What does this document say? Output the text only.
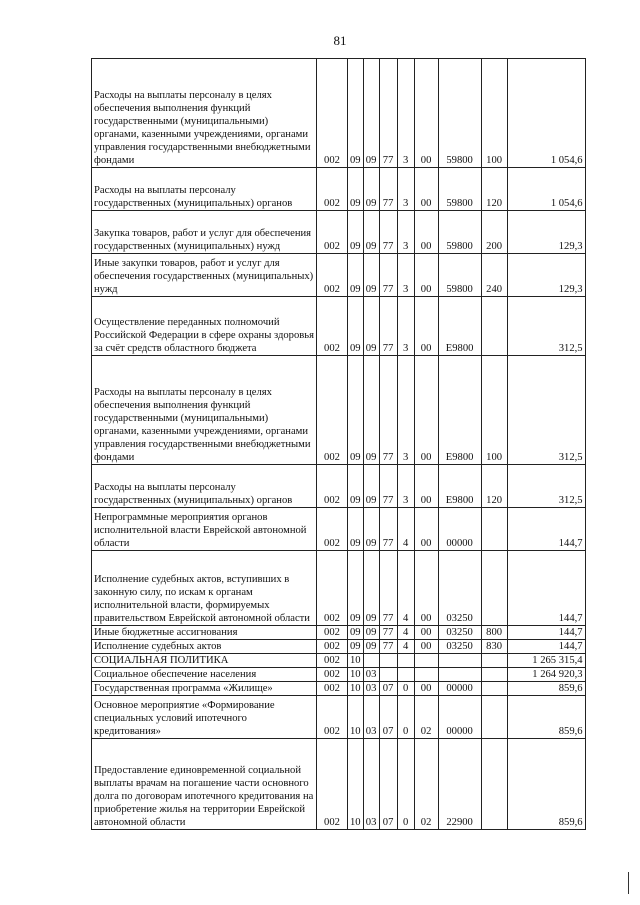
81
Расходы на выплаты персоналу в целях обеспечения выполнения функций государственными (муниципальными) органами, казенными учреждениями, органами управления государственными внебюджетными фондами	002	09	09	77	3	00	59800	100	1 054,6
Расходы на выплаты персоналу государственных (муниципальных) органов	002	09	09	77	3	00	59800	120	1 054,6
Закупка товаров, работ и услуг для обеспечения государственных (муниципальных) нужд	002	09	09	77	3	00	59800	200	129,3
Иные закупки товаров, работ и услуг для обеспечения государственных (муниципальных) нужд	002	09	09	77	3	00	59800	240	129,3
Осуществление переданных полномочий Российской Федерации в сфере охраны здоровья за счёт средств областного бюджета	002	09	09	77	3	00	Е9800		312,5
Расходы на выплаты персоналу в целях обеспечения выполнения функций государственными (муниципальными) органами, казенными учреждениями, органами управления государственными внебюджетными фондами	002	09	09	77	3	00	Е9800	100	312,5
Расходы на выплаты персоналу государственных (муниципальных) органов	002	09	09	77	3	00	Е9800	120	312,5
Непрограммные мероприятия органов исполнительной власти Еврейской автономной области	002	09	09	77	4	00	00000		144,7
Исполнение судебных актов, вступивших в законную силу, по искам к органам исполнительной власти, формируемых правительством Еврейской автономной области	002	09	09	77	4	00	03250		144,7
Иные бюджетные ассигнования	002	09	09	77	4	00	03250	800	144,7
Исполнение судебных актов	002	09	09	77	4	00	03250	830	144,7
СОЦИАЛЬНАЯ ПОЛИТИКА	002	10							1 265 315,4
Социальное обеспечение населения	002	10	03						1 264 920,3
Государственная программа «Жилище»	002	10	03	07	0	00	00000		859,6
Основное мероприятие «Формирование специальных условий ипотечного кредитования»	002	10	03	07	0	02	00000		859,6
Предоставление единовременной социальной выплаты врачам на погашение части основного долга по договорам ипотечного кредитования на приобретение жилья на территории Еврейской автономной области	002	10	03	07	0	02	22900		859,6
